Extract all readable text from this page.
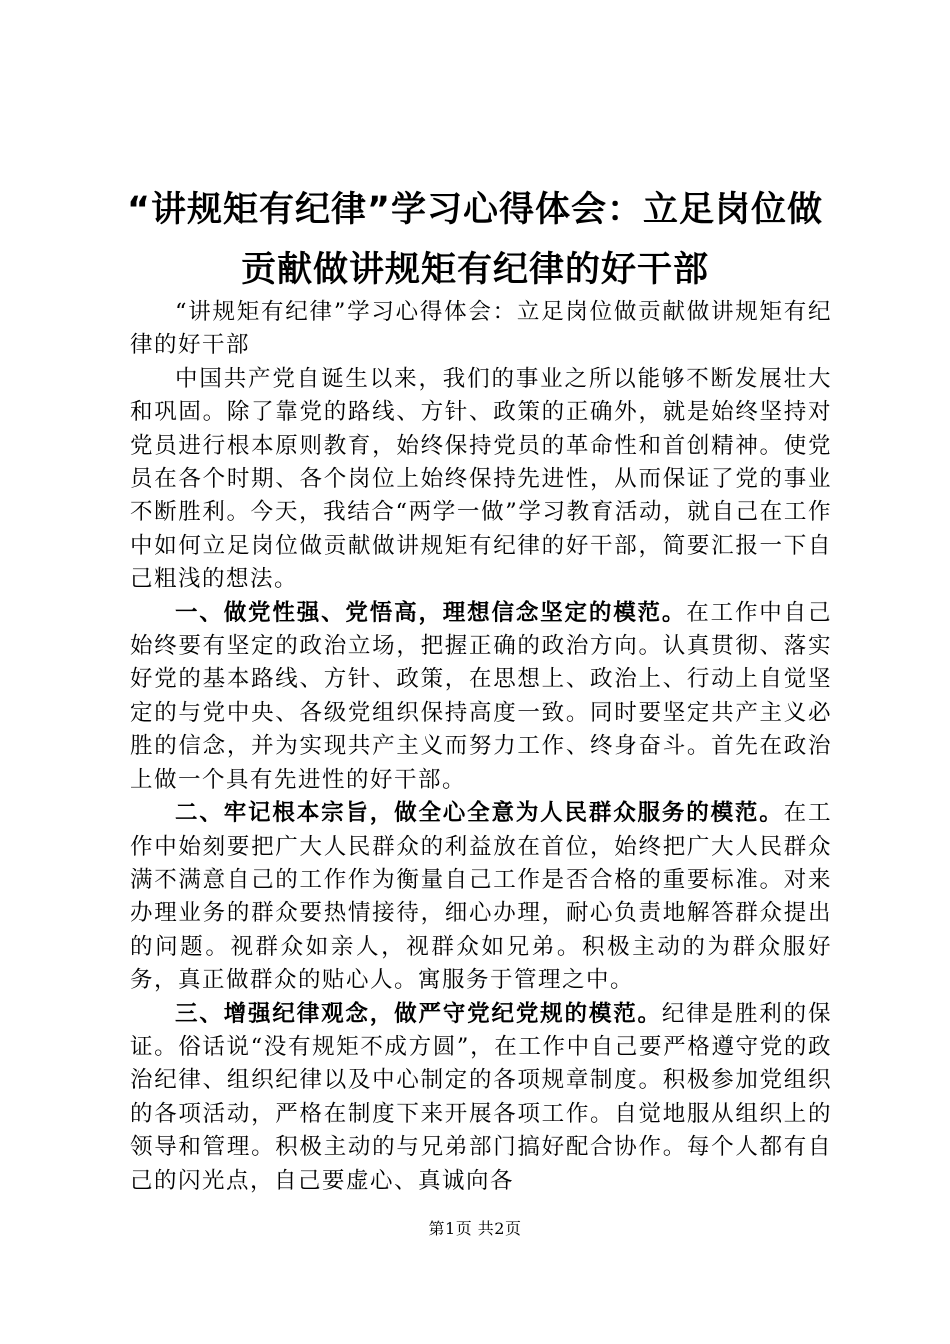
“讲规矩有纪律”学习心得体会：立足岗位做
贡献做讲规矩有纪律的好干部

“讲规矩有纪律”学习心得体会：立足岗位做贡献做讲规矩有纪律的好干部

中国共产党自诞生以来，我们的事业之所以能够不断发展壮大和巩固。除了靠党的路线、方针、政策的正确外，就是始终坚持对党员进行根本原则教育，始终保持党员的革命性和首创精神。使党员在各个时期、各个岗位上始终保持先进性，从而保证了党的事业不断胜利。今天，我结合“两学一做”学习教育活动，就自己在工作中如何立足岗位做贡献做讲规矩有纪律的好干部，简要汇报一下自己粗浅的想法。

一、做党性强、党悟高，理想信念坚定的模范。在工作中自己始终要有坚定的政治立场，把握正确的政治方向。认真贯彻、落实好党的基本路线、方针、政策，在思想上、政治上、行动上自觉坚定的与党中央、各级党组织保持高度一致。同时要坚定共产主义必胜的信念，并为实现共产主义而努力工作、终身奋斗。首先在政治上做一个具有先进性的好干部。

二、牢记根本宗旨，做全心全意为人民群众服务的模范。在工作中始刻要把广大人民群众的利益放在首位，始终把广大人民群众满不满意自己的工作作为衡量自己工作是否合格的重要标准。对来办理业务的群众要热情接待，细心办理，耐心负责地解答群众提出的问题。视群众如亲人，视群众如兄弟。积极主动的为群众服好务，真正做群众的贴心人。寓服务于管理之中。

三、增强纪律观念，做严守党纪党规的模范。纪律是胜利的保证。俗话说“没有规矩不成方圆”，在工作中自己要严格遵守党的政治纪律、组织纪律以及中心制定的各项规章制度。积极参加党组织的各项活动，严格在制度下来开展各项工作。自觉地服从组织上的领导和管理。积极主动的与兄弟部门搞好配合协作。每个人都有自己的闪光点，自己要虚心、真诚向各

第1页 共2页
